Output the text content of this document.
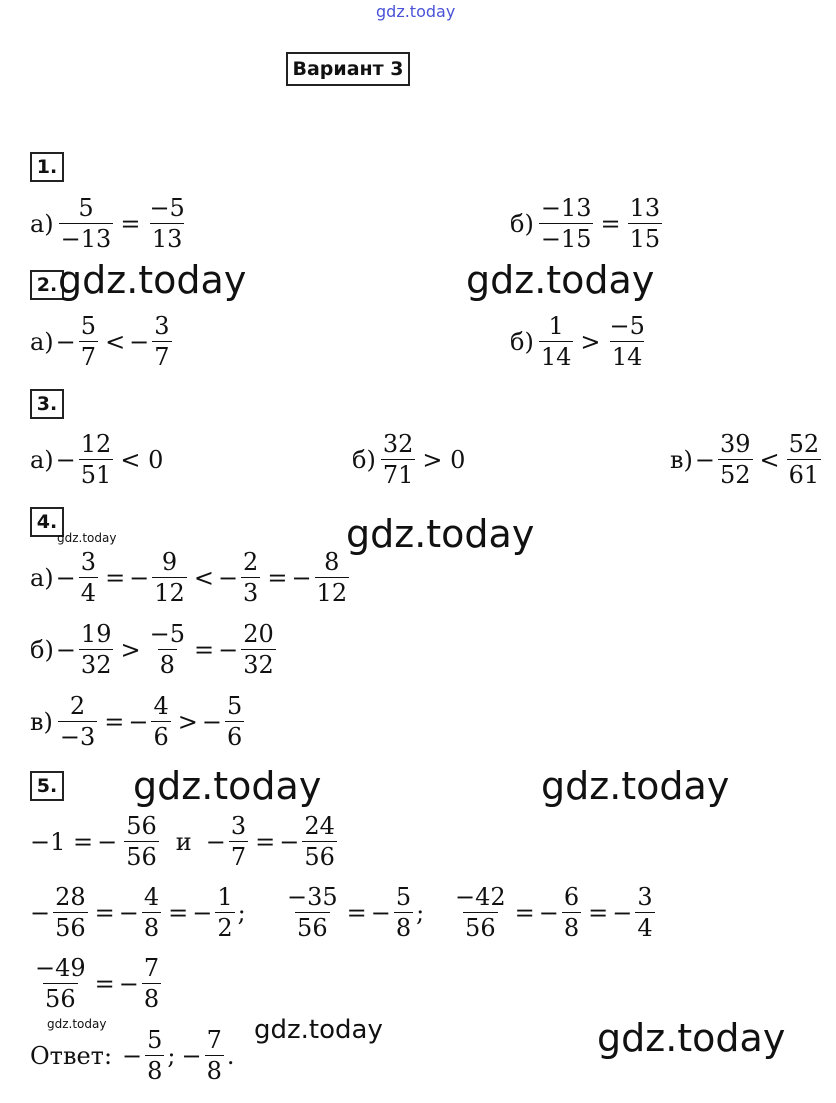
gdz.today
Вариант 3
1.
$а) \frac{5}{-13} = \frac{-5}{13}$	$б) \frac{-13}{-15} = \frac{13}{15}$
2. gdz.today	gdz.today
$а) - \frac{5}{7}$ < − $\frac{3}{7}$	$б) \frac{1}{14} > \frac{-5}{14}$
3.
$а) - \frac{12}{51} < 0$	$б) \frac{32}{71} > 0$	$в) - \frac{39}{52} < \frac{52}{61}$
4.
gdz.today	gdz.today
$а) - \frac{3}{4}$ = − $\frac{9}{12}$ < − $\frac{2}{3}$ = − $\frac{8}{12}$
$б) - \frac{19}{32} > \frac{-5}{8}$ = − $\frac{20}{32}$
$в) \frac{2}{-3}$ = − $\frac{4}{6}$ > − $\frac{5}{6}$
5. gdz.today	gdz.today
−1 = − $\frac{56}{56}$ $и - \frac{3}{7}$ = − $\frac{24}{56}$
− $\frac{28}{56}$ = − $\frac{4}{8}$ = − $\frac{1}{2}$ ; $\frac{-35}{56}$ = − $\frac{5}{8}$ ; $\frac{-42}{56}$ = − $\frac{6}{8}$ = − $\frac{3}{4}$
$\frac{-49}{56}$ = − $\frac{7}{8}$
gdz.today	gdz.today	gdz.today
Ответ: − $\frac{5}{8}$ ; − $\frac{7}{8}$ .
